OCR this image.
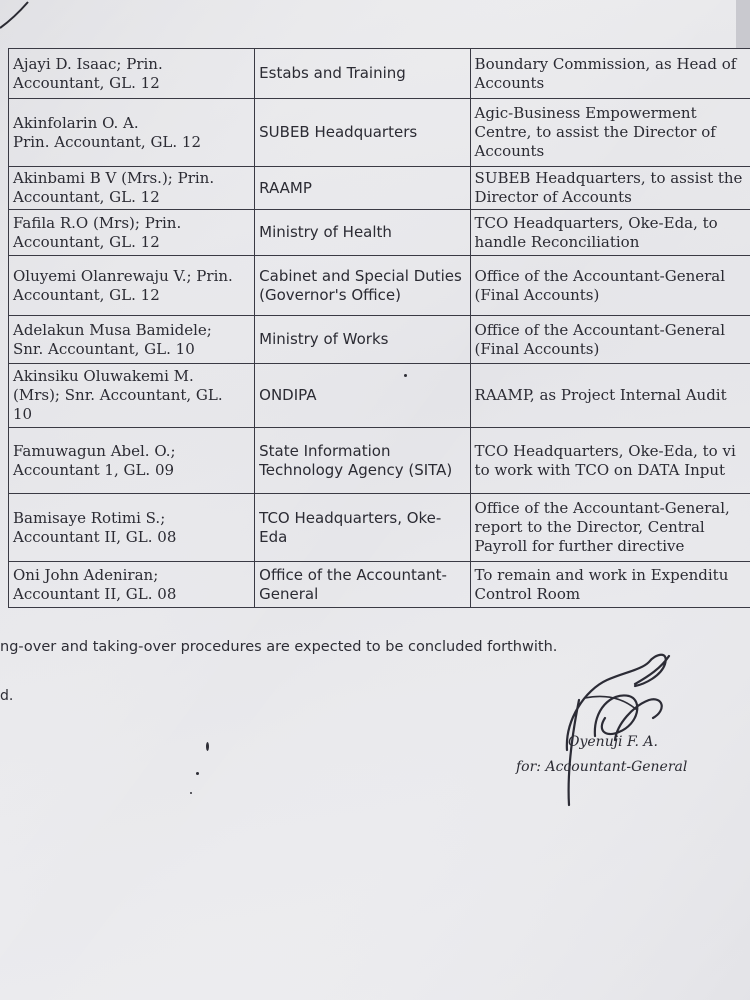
Ajayi D. Isaac; Prin.
Accountant, GL. 12	Estabs and Training	Boundary Commission, as Head of
Accounts
Akinfolarin O. A.
Prin. Accountant, GL. 12	SUBEB Headquarters	Agic-Business Empowerment
Centre, to assist the Director of
Accounts
Akinbami B V (Mrs.); Prin.
Accountant, GL. 12	RAAMP	SUBEB Headquarters, to assist the
Director of Accounts
Fafila R.O (Mrs); Prin.
Accountant, GL. 12	Ministry of Health	TCO Headquarters, Oke-Eda, to
handle Reconciliation
Oluyemi Olanrewaju V.; Prin.
Accountant, GL. 12	Cabinet and Special Duties
(Governor's Office)	Office of the Accountant-General
(Final Accounts)
Adelakun Musa Bamidele;
Snr. Accountant, GL. 10	Ministry of Works	Office of the Accountant-General
(Final Accounts)
Akinsiku Oluwakemi M.
(Mrs); Snr. Accountant, GL.
10	ONDIPA	RAAMP, as Project Internal Audit
Famuwagun Abel. O.;
Accountant 1, GL. 09	State Information
Technology Agency (SITA)	TCO Headquarters, Oke-Eda, to vi
to work with TCO on DATA Input
Bamisaye Rotimi S.;
Accountant II, GL. 08	TCO Headquarters, Oke-
Eda	Office of the Accountant-General,
report to the Director, Central
Payroll for further directive
Oni John Adeniran;
Accountant II, GL. 08	Office of the Accountant-
General	To remain and work in Expenditu
Control Room
ng-over and taking-over procedures are expected to be concluded forthwith.
d.
Oyenuji F. A.
for: Accountant-General
